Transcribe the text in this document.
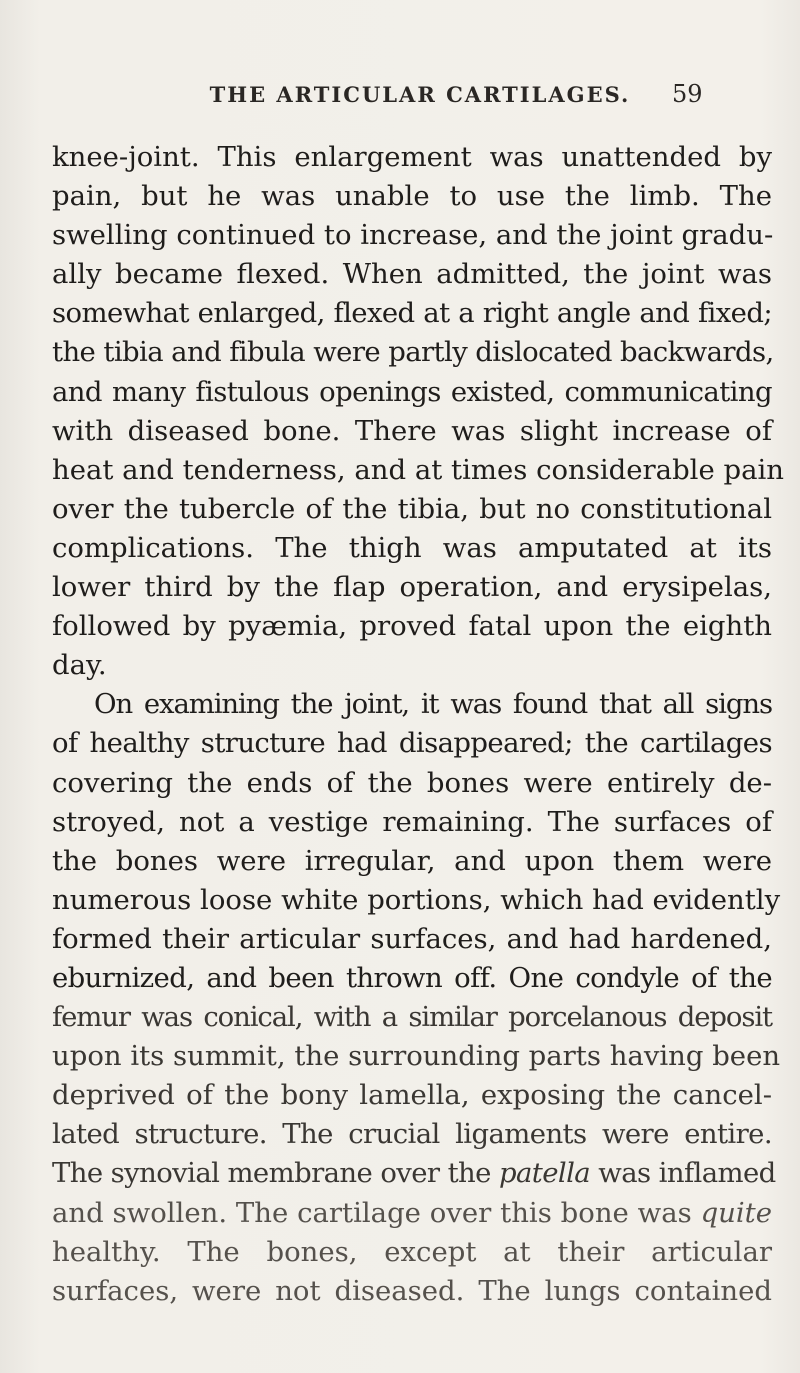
THE ARTICULAR CARTILAGES.	59
knee-joint. This enlargement was unattended by
pain, but he was unable to use the limb. The
swelling continued to increase, and the joint gradu-
ally became flexed. When admitted, the joint was
somewhat enlarged, flexed at a right angle and fixed;
the tibia and fibula were partly dislocated backwards,
and many fistulous openings existed, communicating
with diseased bone. There was slight increase of
heat and tenderness, and at times considerable pain
over the tubercle of the tibia, but no constitutional
complications. The thigh was amputated at its
lower third by the flap operation, and erysipelas,
followed by pyæmia, proved fatal upon the eighth
day.
On examining the joint, it was found that all signs
of healthy structure had disappeared; the cartilages
covering the ends of the bones were entirely de-
stroyed, not a vestige remaining. The surfaces of
the bones were irregular, and upon them were
numerous loose white portions, which had evidently
formed their articular surfaces, and had hardened,
eburnized, and been thrown off. One condyle of the
femur was conical, with a similar porcelanous deposit
upon its summit, the surrounding parts having been
deprived of the bony lamella, exposing the cancel-
lated structure. The crucial ligaments were entire.
The synovial membrane over the patella was inflamed
and swollen. The cartilage over this bone was quite
healthy. The bones, except at their articular
surfaces, were not diseased. The lungs contained
